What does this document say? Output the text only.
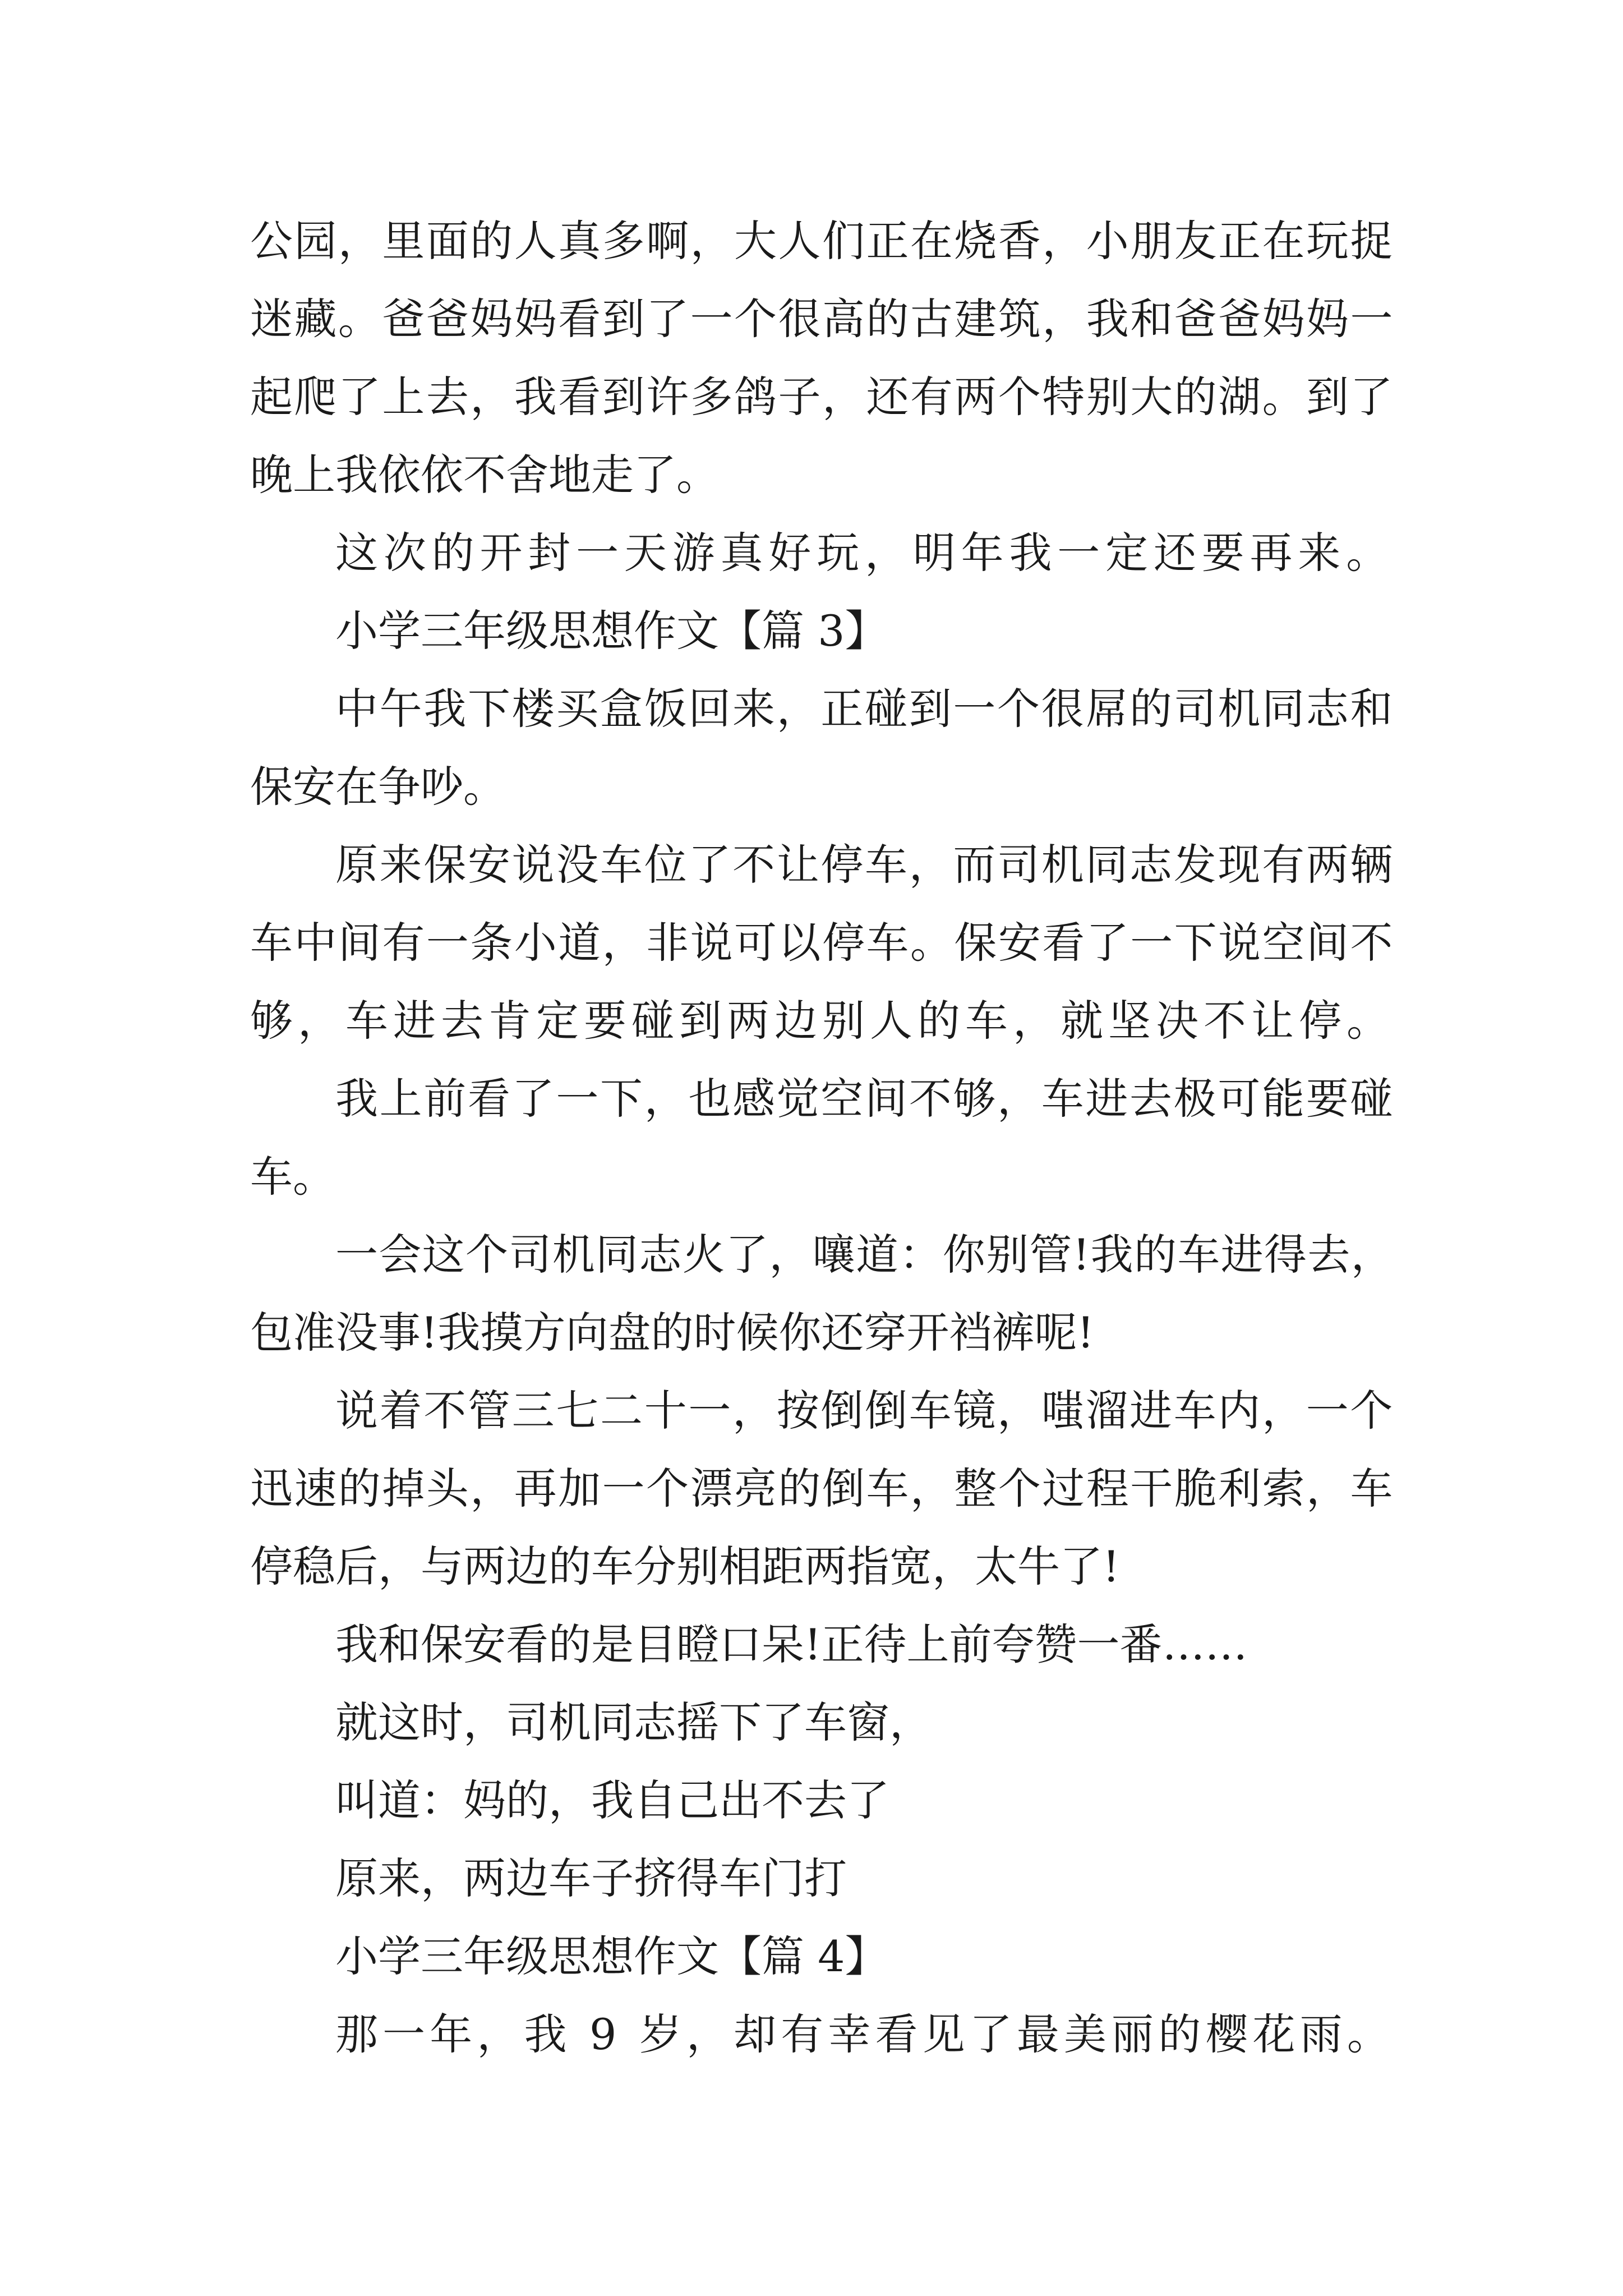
公园，里面的人真多啊，大人们正在烧香，小朋友正在玩捉
迷藏。爸爸妈妈看到了一个很高的古建筑，我和爸爸妈妈一
起爬了上去，我看到许多鸽子，还有两个特别大的湖。到了
晚上我依依不舍地走了。
这次的开封一天游真好玩，明年我一定还要再来。
小学三年级思想作文【篇 3】
中午我下楼买盒饭回来，正碰到一个很屌的司机同志和
保安在争吵。
原来保安说没车位了不让停车，而司机同志发现有两辆
车中间有一条小道，非说可以停车。保安看了一下说空间不
够，车进去肯定要碰到两边别人的车，就坚决不让停。
我上前看了一下，也感觉空间不够，车进去极可能要碰
车。
一会这个司机同志火了，嚷道：你别管!我的车进得去，
包准没事!我摸方向盘的时候你还穿开裆裤呢!
说着不管三七二十一，按倒倒车镜，嗤溜进车内，一个
迅速的掉头，再加一个漂亮的倒车，整个过程干脆利索，车
停稳后，与两边的车分别相距两指宽，太牛了!
我和保安看的是目瞪口呆!正待上前夸赞一番……
就这时，司机同志摇下了车窗，
叫道：妈的，我自己出不去了
原来，两边车子挤得车门打
小学三年级思想作文【篇 4】
那一年，我 9 岁，却有幸看见了最美丽的樱花雨。
